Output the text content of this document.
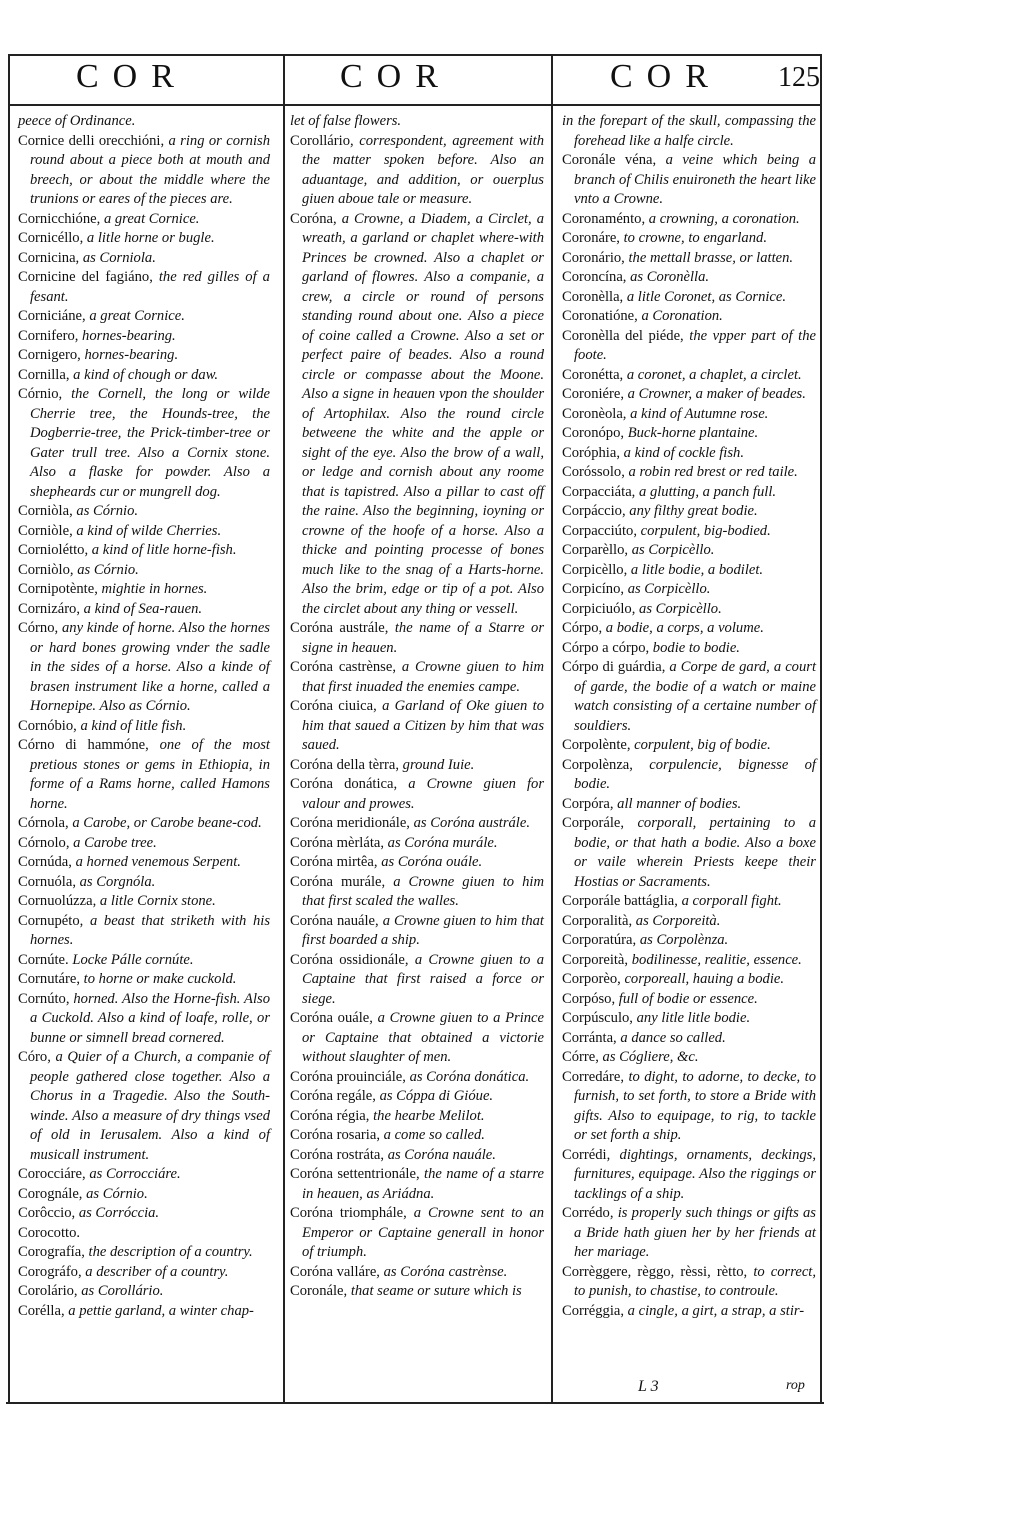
COR	COR	COR 125

peece of Ordinance.

Cornice delli orecchióni, a ring or cornish round about a piece both at mouth and breech, or about the middle where the trunions or eares of the pieces are.

Cornicchióne, a great Cornice.

Cornicéllo, a litle horne or bugle.

Cornicina, as Corniola.

Cornicine del fagiáno, the red gilles of a fesant.

Corniciáne, a great Cornice.

Cornifero, hornes-bearing.

Cornigero, hornes-bearing.

Cornilla, a kind of chough or daw.

Córnio, the Cornell, the long or wilde Cherrie tree, the Hounds-tree, the Dogberrie-tree, the Prick-timber-tree or Gater trull tree. Also a Cornix stone. Also a flaske for powder. Also a shepheards cur or mungrell dog.

Corniòla, as Córnio.

Corniòle, a kind of wilde Cherries.

Corniolétto, a kind of litle horne-fish.

Corniòlo, as Córnio.

Cornipotènte, mightie in hornes.

Cornizáro, a kind of Sea-rauen.

Córno, any kinde of horne. Also the hornes or hard bones growing vnder the sadle in the sides of a horse. Also a kinde of brasen instrument like a horne, called a Hornepipe. Also as Córnio.

Cornóbio, a kind of litle fish.

Córno di hammóne, one of the most pretious stones or gems in Ethiopia, in forme of a Rams horne, called Hamons horne.

Córnola, a Carobe, or Carobe beane-cod.

Córnolo, a Carobe tree.

Cornúda, a horned venemous Serpent.

Cornuóla, as Corgnóla.

Cornuolúzza, a litle Cornix stone.

Cornupéto, a beast that striketh with his hornes.

Cornúte. Locke Pálle cornúte.

Cornutáre, to horne or make cuckold.

Cornúto, horned. Also the Horne-fish. Also a Cuckold. Also a kind of loafe, rolle, or bunne or simnell bread cornered.

Córo, a Quier of a Church, a companie of people gathered close together. Also a Chorus in a Tragedie. Also the South-winde. Also a measure of dry things vsed of old in Ierusalem. Also a kind of musicall instrument.

Corocciáre, as Corrocciáre.

Corognále, as Córnio.

Corôccio, as Corróccia.

Corocotto.

Corografía, the description of a country.

Corográfo, a describer of a country.

Corolário, as Corollário.

Corélla, a pettie garland, a winter chap-

let of false flowers.

Corollário, correspondent, agreement with the matter spoken before. Also an aduantage, and addition, or ouerplus giuen aboue tale or measure.

Coróna, a Crowne, a Diadem, a Circlet, a wreath, a garland or chaplet where-with Princes be crowned. Also a chaplet or garland of flowres. Also a companie, a crew, a circle or round of persons standing round about one. Also a piece of coine called a Crowne. Also a set or perfect paire of beades. Also a round circle or compasse about the Moone. Also a signe in heauen vpon the shoulder of Artophilax. Also the round circle betweene the white and the apple or sight of the eye. Also the brow of a wall, or ledge and cornish about any roome that is tapistred. Also a pillar to cast off the raine. Also the beginning, ioyning or crowne of the hoofe of a horse. Also a thicke and pointing processe of bones much like to the snag of a Harts-horne. Also the brim, edge or tip of a pot. Also the circlet about any thing or vessell.

Coróna austrále, the name of a Starre or signe in heauen.

Coróna castrènse, a Crowne giuen to him that first inuaded the enemies campe.

Coróna ciuica, a Garland of Oke giuen to him that saued a Citizen by him that was saued.

Coróna della tèrra, ground Iuie.

Coróna donática, a Crowne giuen for valour and prowes.

Coróna meridionále, as Coróna austrále.

Coróna mèrláta, as Coróna murále.

Coróna mirtêa, as Coróna ouále.

Coróna murále, a Crowne giuen to him that first scaled the walles.

Coróna nauále, a Crowne giuen to him that first boarded a ship.

Coróna ossidionále, a Crowne giuen to a Captaine that first raised a force or siege.

Coróna ouále, a Crowne giuen to a Prince or Captaine that obtained a victorie without slaughter of men.

Coróna prouinciále, as Coróna donática.

Coróna regále, as Cóppa di Gióue.

Coróna régia, the hearbe Melilot.

Coróna rosaria, a come so called.

Coróna rostráta, as Coróna nauále.

Coróna settentrionále, the name of a starre in heauen, as Ariádna.

Coróna triomphále, a Crowne sent to an Emperor or Captaine generall in honor of triumph.

Coróna valláre, as Coróna castrènse.

Coronále, that seame or suture which is

in the forepart of the skull, compassing the forehead like a halfe circle.

Coronále véna, a veine which being a branch of Chilis enuironeth the heart like vnto a Crowne.

Coronaménto, a crowning, a coronation.

Coronáre, to crowne, to engarland.

Coronário, the mettall brasse, or latten.

Coroncína, as Coronèlla.

Coronèlla, a litle Coronet, as Cornice.

Coronatióne, a Coronation.

Coronèlla del piéde, the vpper part of the foote.

Coronétta, a coronet, a chaplet, a circlet.

Coroniére, a Crowner, a maker of beades.

Coronèola, a kind of Autumne rose.

Coronópo, Buck-horne plantaine.

Coróphia, a kind of cockle fish.

Coróssolo, a robin red brest or red taile.

Corpacciáta, a glutting, a panch full.

Corpáccio, any filthy great bodie.

Corpacciúto, corpulent, big-bodied.

Corparèllo, as Corpicèllo.

Corpicèllo, a litle bodie, a bodilet.

Corpicíno, as Corpicèllo.

Corpiciuólo, as Corpicèllo.

Córpo, a bodie, a corps, a volume.

Córpo a córpo, bodie to bodie.

Córpo di guárdia, a Corpe de gard, a court of garde, the bodie of a watch or maine watch consisting of a certaine number of souldiers.

Corpolènte, corpulent, big of bodie.

Corpolènza, corpulencie, bignesse of bodie.

Corpóra, all manner of bodies.

Corporále, corporall, pertaining to a bodie, or that hath a bodie. Also a boxe or vaile wherein Priests keepe their Hostias or Sacraments.

Corporále battáglia, a corporall fight.

Corporalità, as Corporeità.

Corporatúra, as Corpolènza.

Corporeità, bodilinesse, realitie, essence.

Corporèo, corporeall, hauing a bodie.

Corpóso, full of bodie or essence.

Corpúsculo, any litle litle bodie.

Corránta, a dance so called.

Córre, as Cógliere, &c.

Corredáre, to dight, to adorne, to decke, to furnish, to set forth, to store a Bride with gifts. Also to equipage, to rig, to tackle or set forth a ship.

Corrédi, dightings, ornaments, deckings, furnitures, equipage. Also the riggings or tacklings of a ship.

Corrédo, is properly such things or gifts as a Bride hath giuen her by her friends at her mariage.

Corrèggere, règgo, rèssi, rètto, to correct, to punish, to chastise, to controule.

Corréggia, a cingle, a girt, a strap, a stir-

L 3	rop
